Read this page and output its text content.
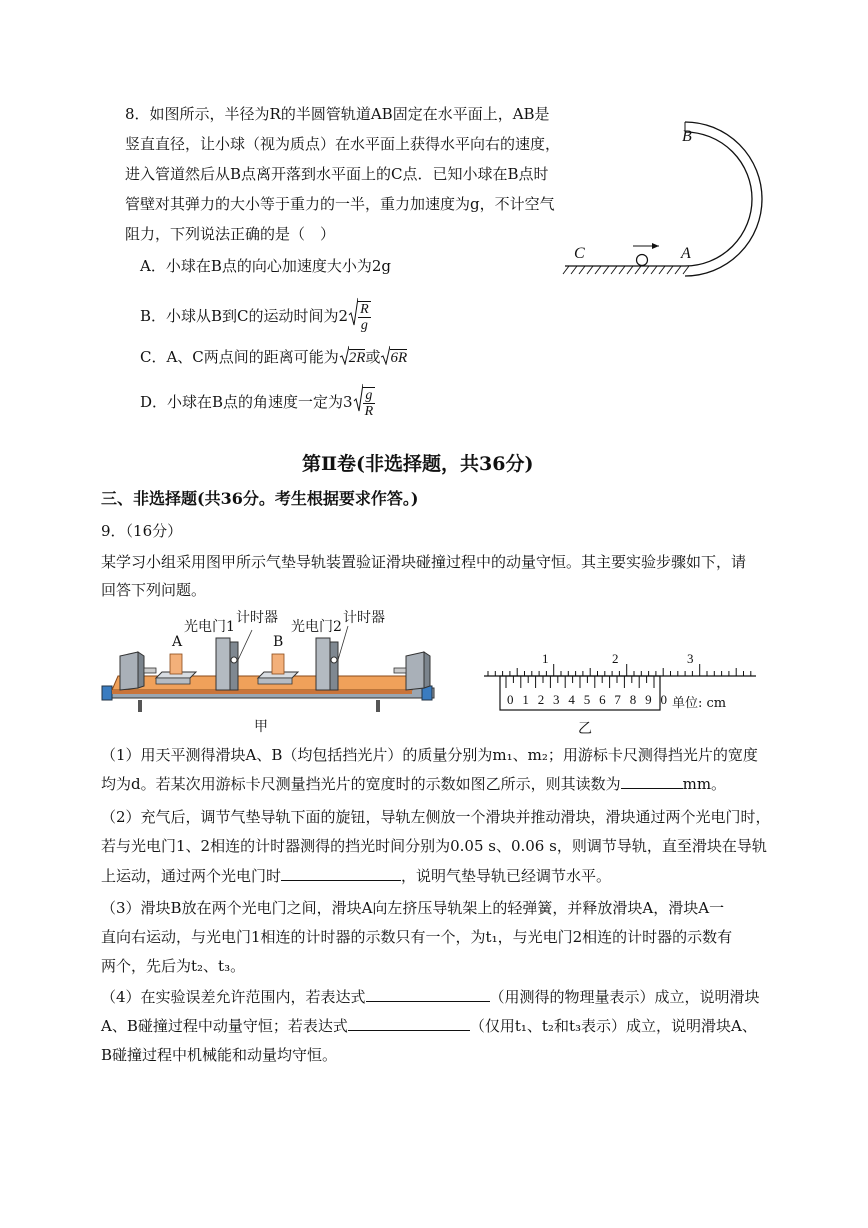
8．如图所示，半径为R的半圆管轨道AB固定在水平面上，AB是
竖直直径，让小球（视为质点）在水平面上获得水平向右的速度，
进入管道然后从B点离开落到水平面上的C点．已知小球在B点时
管壁对其弹力的大小等于重力的一半，重力加速度为g，不计空气
阻力，下列说法正确的是（　）
A．小球在B点的向心加速度大小为2g
B．小球从B到C的运动时间为$2 \frac{R}{g}$
C．A、C两点间的距离可能为 2R或 6R
D．小球在B点的角速度一定为$3 \frac{g}{R}$
B
C	A
第Ⅱ卷(非选择题，共36分)
三、非选择题(共36分。考生根据要求作答。)
9．（16分）
某学习小组采用图甲所示气垫导轨装置验证滑块碰撞过程中的动量守恒。其主要实验步骤如下，请
回答下列问题。
光电门1
计时器
A	B
光电门2
计时器
甲
1	2	3
0 1 2 3 4 5 6 7 8 9 0 单位: cm
乙
（1）用天平测得滑块A、B（均包括挡光片）的质量分别为m₁、m₂；用游标卡尺测得挡光片的宽度
均为d。若某次用游标卡尺测量挡光片的宽度时的示数如图乙所示，则其读数为	mm。
（2）充气后，调节气垫导轨下面的旋钮，导轨左侧放一个滑块并推动滑块，滑块通过两个光电门时，
若与光电门1、2相连的计时器测得的挡光时间分别为0.05 s、0.06 s，则调节导轨，直至滑块在导轨
上运动，通过两个光电门时	，说明气垫导轨已经调节水平。
（3）滑块B放在两个光电门之间，滑块A向左挤压导轨架上的轻弹簧，并释放滑块A，滑块A一
直向右运动，与光电门1相连的计时器的示数只有一个，为t₁，与光电门2相连的计时器的示数有
两个，先后为t₂、t₃。
（4）在实验误差允许范围内，若表达式	（用测得的物理量表示）成立，说明滑块
A、B碰撞过程中动量守恒；若表达式	（仅用t₁、t₂和t₃表示）成立，说明滑块A、
B碰撞过程中机械能和动量均守恒。
